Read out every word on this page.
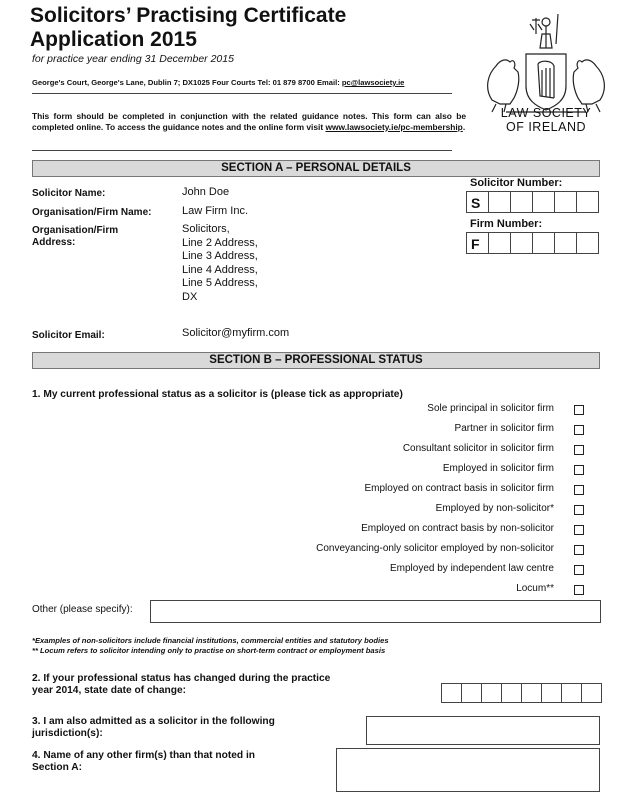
Solicitors’ Practising Certificate
Application 2015
for practice year ending 31 December 2015
George's Court, George's Lane, Dublin 7; DX1025 Four Courts Tel: 01 879 8700 Email: pc@lawsociety.ie
This form should be completed in conjunction with the related guidance notes. This form can also be completed online. To access the guidance notes and the online form visit www.lawsociety.ie/pc-membership.
LAW SOCIETY
OF IRELAND
SECTION A – PERSONAL DETAILS
Solicitor Name:	John Doe
Organisation/Firm Name:	Law Firm Inc.
Organisation/Firm
Address:
Solicitors,
Line 2 Address,
Line 3 Address,
Line 4 Address,
Line 5 Address,
DX
Solicitor Email:	Solicitor@myfirm.com
Solicitor Number:
S
Firm Number:
F
SECTION B – PROFESSIONAL STATUS
1. My current professional status as a solicitor is (please tick as appropriate)
Sole principal in solicitor firm
Partner in solicitor firm
Consultant solicitor in solicitor firm
Employed in solicitor firm
Employed on contract basis in solicitor firm
Employed by non-solicitor*
Employed on contract basis by non-solicitor
Conveyancing-only solicitor employed by non-solicitor
Employed by independent law centre
Locum**
Other (please specify):
*Examples of non-solicitors include financial institutions, commercial entities and statutory bodies
** Locum refers to solicitor intending only to practise on short-term contract or employment basis
2. If your professional status has changed during the practice
year 2014, state date of change:
3. I am also admitted as a solicitor in the following
jurisdiction(s):
4. Name of any other firm(s) than that noted in
Section A:
